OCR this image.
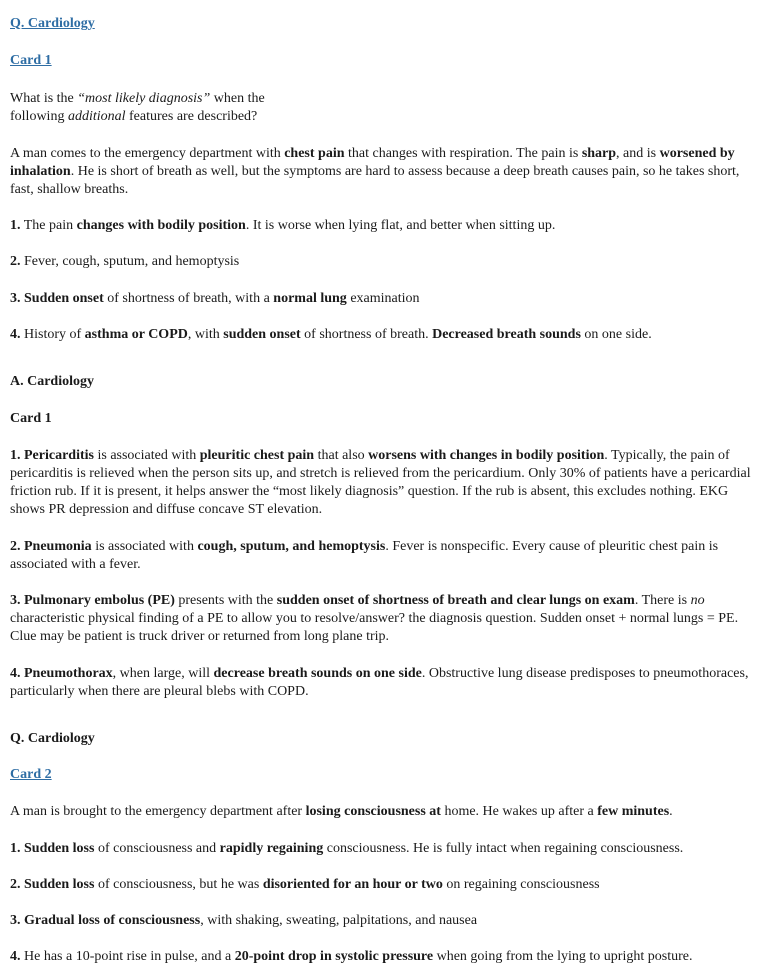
Q. Cardiology

Card 1

What is the “most likely diagnosis” when the
following additional features are described?

A man comes to the emergency department with chest pain that changes with respiration. The pain is sharp, and is worsened by inhalation. He is short of breath as well, but the symptoms are hard to assess because a deep breath causes pain, so he takes short, fast, shallow breaths.

1. The pain changes with bodily position. It is worse when lying flat, and better when sitting up.

2. Fever, cough, sputum, and hemoptysis

3. Sudden onset of shortness of breath, with a normal lung examination

4. History of asthma or COPD, with sudden onset of shortness of breath. Decreased breath sounds on one side.

A. Cardiology

Card 1

1. Pericarditis is associated with pleuritic chest pain that also worsens with changes in bodily position. Typically, the pain of pericarditis is relieved when the person sits up, and stretch is relieved from the pericardium. Only 30% of patients have a pericardial friction rub. If it is present, it helps answer the “most likely diagnosis” question. If the rub is absent, this excludes nothing. EKG shows PR depression and diffuse concave ST elevation.

2. Pneumonia is associated with cough, sputum, and hemoptysis. Fever is nonspecific. Every cause of pleuritic chest pain is associated with a fever.

3. Pulmonary embolus (PE) presents with the sudden onset of shortness of breath and clear lungs on exam. There is no characteristic physical finding of a PE to allow you to resolve/answer? the diagnosis question. Sudden onset + normal lungs = PE. Clue may be patient is truck driver or returned from long plane trip.

4. Pneumothorax, when large, will decrease breath sounds on one side. Obstructive lung disease predisposes to pneumothoraces, particularly when there are pleural blebs with COPD.

Q. Cardiology

Card 2

A man is brought to the emergency department after losing consciousness at home. He wakes up after a few minutes.

1. Sudden loss of consciousness and rapidly regaining consciousness. He is fully intact when regaining consciousness.

2. Sudden loss of consciousness, but he was disoriented for an hour or two on regaining consciousness

3. Gradual loss of consciousness, with shaking, sweating, palpitations, and nausea

4. He has a 10-point rise in pulse, and a 20-point drop in systolic pressure when going from the lying to upright posture.
